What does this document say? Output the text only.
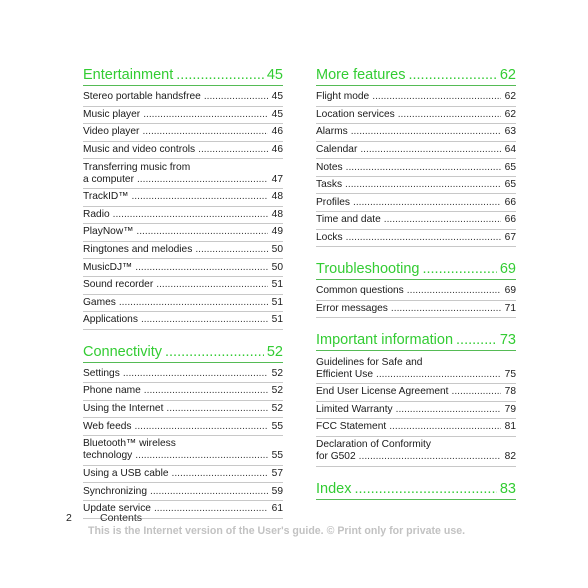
Entertainment .....	45
Stereo portable handsfree .....	45
Music player .....	45
Video player .....	46
Music and video controls .....	46
Transferring music from
a computer .....	47
TrackID™ .....	48
Radio .....	48
PlayNow™ .....	49
Ringtones and melodies .....	50
MusicDJ™ .....	50
Sound recorder .....	51
Games .....	51
Applications .....	51
Connectivity .....	52
Settings .....	52
Phone name .....	52
Using the Internet .....	52
Web feeds .....	55
Bluetooth™ wireless
technology .....	55
Using a USB cable .....	57
Synchronizing .....	59
Update service .....	61
More features .....	62
Flight mode .....	62
Location services .....	62
Alarms .....	63
Calendar .....	64
Notes .....	65
Tasks .....	65
Profiles .....	66
Time and date .....	66
Locks .....	67
Troubleshooting .....	69
Common questions .....	69
Error messages .....	71
Important information .....	73
Guidelines for Safe and
Efficient Use .....	75
End User License Agreement .....	78
Limited Warranty .....	79
FCC Statement .....	81
Declaration of Conformity
for G502 .....	82
Index .....	83
2	Contents
This is the Internet version of the User's guide. © Print only for private use.
